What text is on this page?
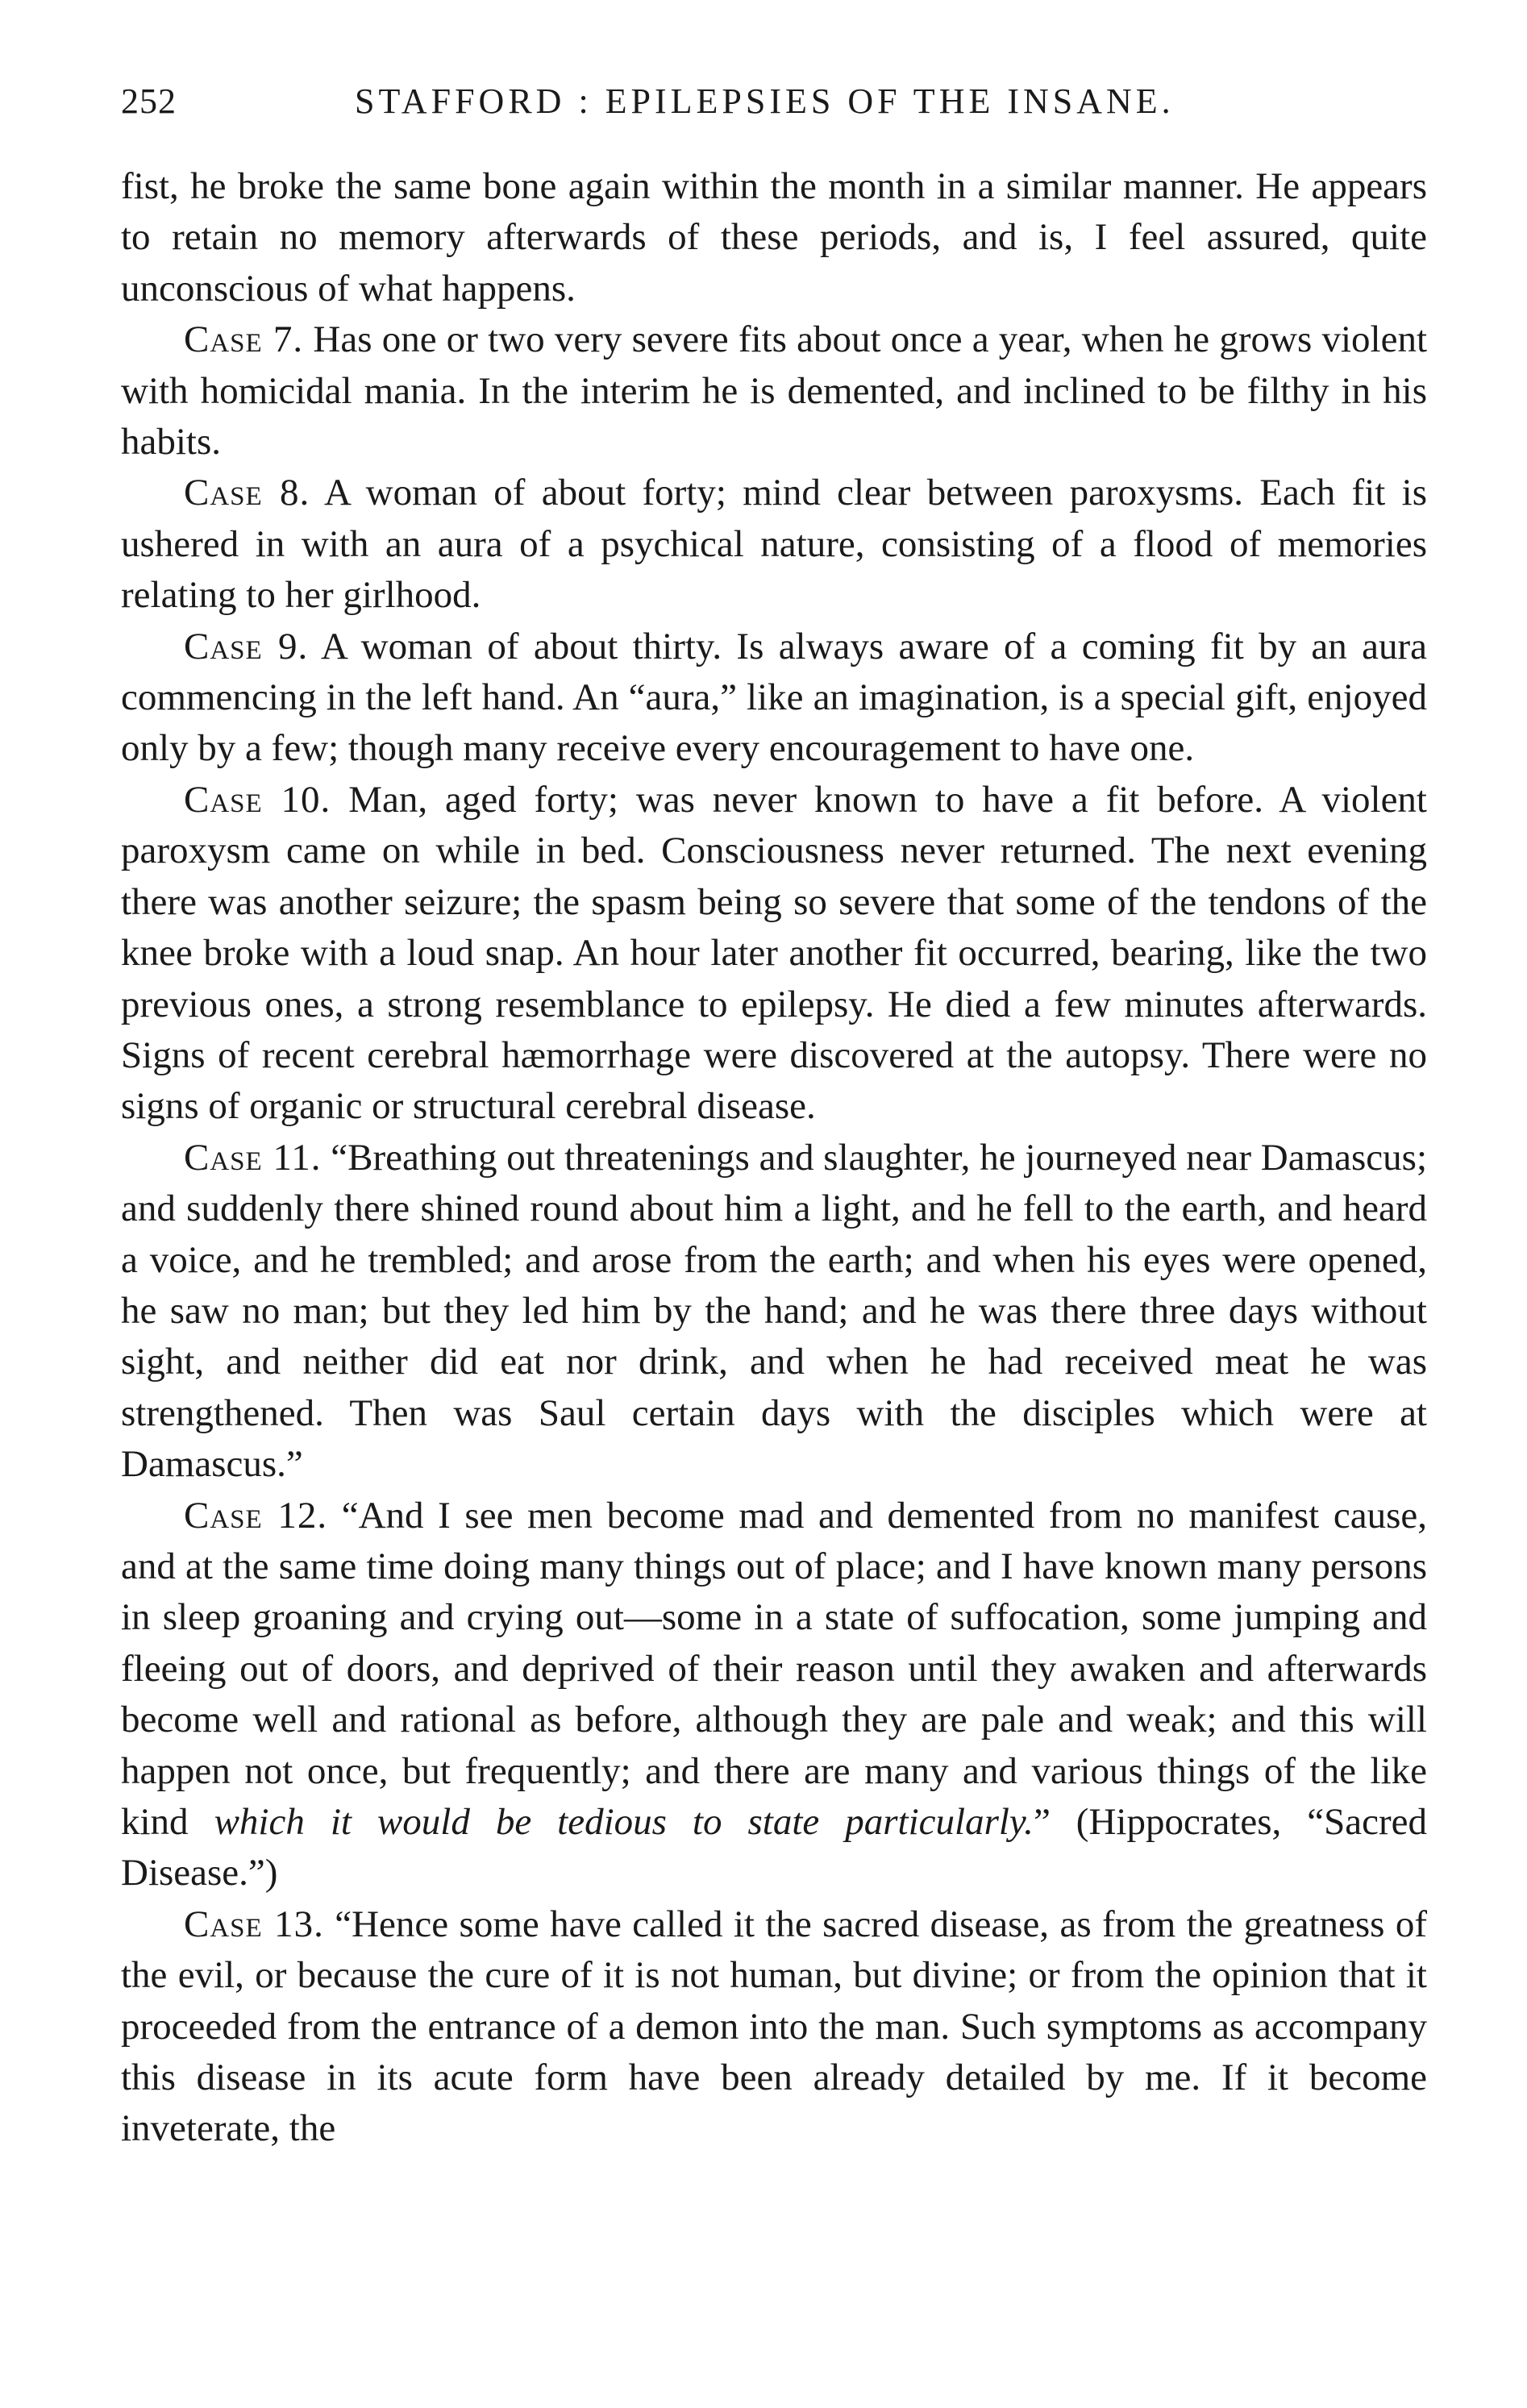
252	STAFFORD : EPILEPSIES OF THE INSANE.

fist, he broke the same bone again within the month in a similar manner. He appears to retain no memory afterwards of these periods, and is, I feel assured, quite unconscious of what happens.

Case 7. Has one or two very severe fits about once a year, when he grows violent with homicidal mania. In the interim he is demented, and inclined to be filthy in his habits.

Case 8. A woman of about forty; mind clear between paroxysms. Each fit is ushered in with an aura of a psychical nature, consisting of a flood of memories relating to her girlhood.

Case 9. A woman of about thirty. Is always aware of a coming fit by an aura commencing in the left hand. An “aura,” like an imagination, is a special gift, enjoyed only by a few; though many receive every encouragement to have one.

Case 10. Man, aged forty; was never known to have a fit before. A violent paroxysm came on while in bed. Consciousness never returned. The next evening there was another seizure; the spasm being so severe that some of the tendons of the knee broke with a loud snap. An hour later another fit occurred, bearing, like the two previous ones, a strong resemblance to epilepsy. He died a few minutes afterwards. Signs of recent cerebral hæmorrhage were discovered at the autopsy. There were no signs of organic or structural cerebral disease.

Case 11. “Breathing out threatenings and slaughter, he journeyed near Damascus; and suddenly there shined round about him a light, and he fell to the earth, and heard a voice, and he trembled; and arose from the earth; and when his eyes were opened, he saw no man; but they led him by the hand; and he was there three days without sight, and neither did eat nor drink, and when he had received meat he was strengthened. Then was Saul certain days with the disciples which were at Damascus.”

Case 12. “And I see men become mad and demented from no manifest cause, and at the same time doing many things out of place; and I have known many persons in sleep groaning and crying out—some in a state of suffocation, some jumping and fleeing out of doors, and deprived of their reason until they awaken and afterwards become well and rational as before, although they are pale and weak; and this will happen not once, but frequently; and there are many and various things of the like kind which it would be tedious to state particularly.” (Hippocrates, “Sacred Disease.”)

Case 13. “Hence some have called it the sacred disease, as from the greatness of the evil, or because the cure of it is not human, but divine; or from the opinion that it proceeded from the entrance of a demon into the man. Such symptoms as accompany this disease in its acute form have been already detailed by me. If it become inveterate, the
